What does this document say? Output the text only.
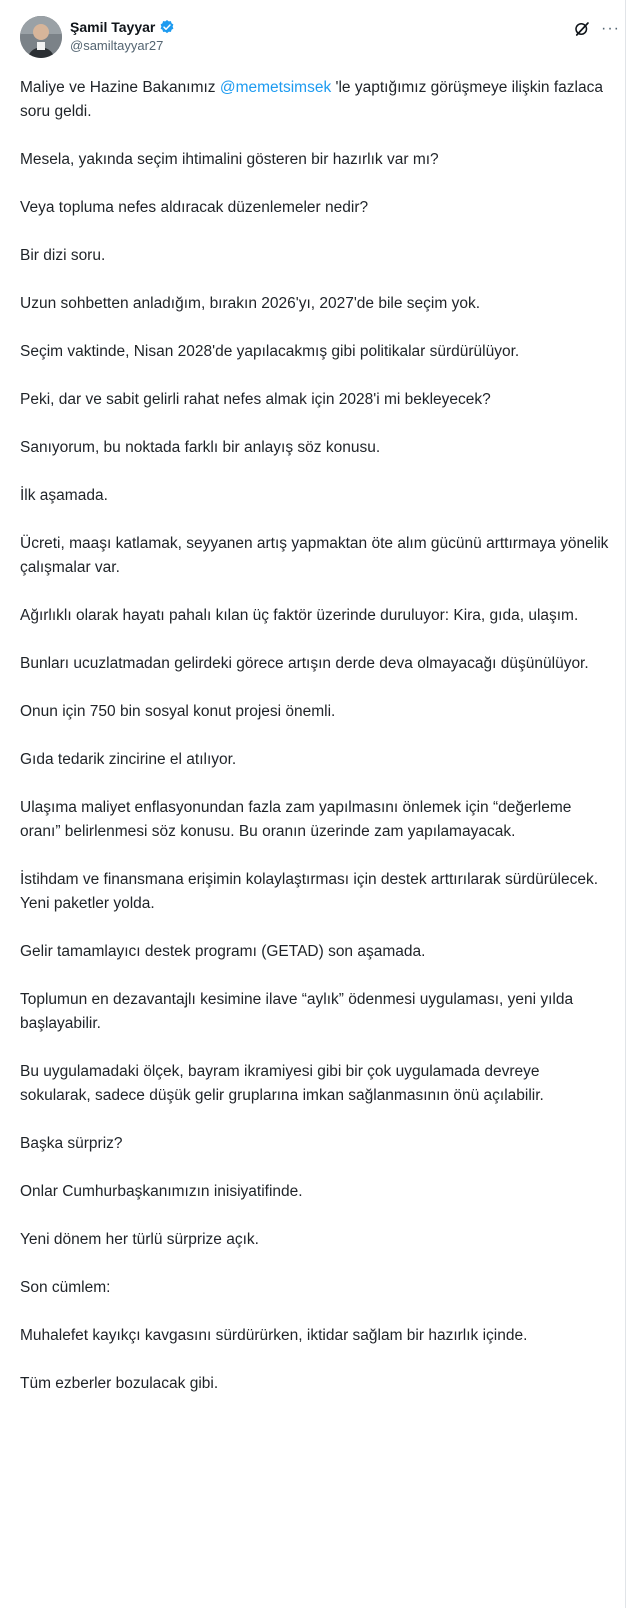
Şamil Tayyar
@samiltayyar27
···

Maliye ve Hazine Bakanımız @memetsimsek 'le yaptığımız görüşmeye ilişkin fazlaca soru geldi.

Mesela, yakında seçim ihtimalini gösteren bir hazırlık var mı?

Veya topluma nefes aldıracak düzenlemeler nedir?

Bir dizi soru.

Uzun sohbetten anladığım, bırakın 2026'yı, 2027'de bile seçim yok.

Seçim vaktinde, Nisan 2028'de yapılacakmış gibi politikalar sürdürülüyor.

Peki, dar ve sabit gelirli rahat nefes almak için 2028'i mi bekleyecek?

Sanıyorum, bu noktada farklı bir anlayış söz konusu.

İlk aşamada.

Ücreti, maaşı katlamak, seyyanen artış yapmaktan öte alım gücünü arttırmaya yönelik çalışmalar var.

Ağırlıklı olarak hayatı pahalı kılan üç faktör üzerinde duruluyor: Kira, gıda, ulaşım.

Bunları ucuzlatmadan gelirdeki görece artışın derde deva olmayacağı düşünülüyor.

Onun için 750 bin sosyal konut projesi önemli.

Gıda tedarik zincirine el atılıyor.

Ulaşıma maliyet enflasyonundan fazla zam yapılmasını önlemek için “değerleme oranı” belirlenmesi söz konusu. Bu oranın üzerinde zam yapılamayacak.

İstihdam ve finansmana erişimin kolaylaştırması için destek arttırılarak sürdürülecek. Yeni paketler yolda.

Gelir tamamlayıcı destek programı (GETAD) son aşamada.

Toplumun en dezavantajlı kesimine ilave “aylık” ödenmesi uygulaması, yeni yılda başlayabilir.

Bu uygulamadaki ölçek, bayram ikramiyesi gibi bir çok uygulamada devreye sokularak, sadece düşük gelir gruplarına imkan sağlanmasının önü açılabilir.

Başka sürpriz?

Onlar Cumhurbaşkanımızın inisiyatifinde.

Yeni dönem her türlü sürprize açık.

Son cümlem:

Muhalefet kayıkçı kavgasını sürdürürken, iktidar sağlam bir hazırlık içinde.

Tüm ezberler bozulacak gibi.
